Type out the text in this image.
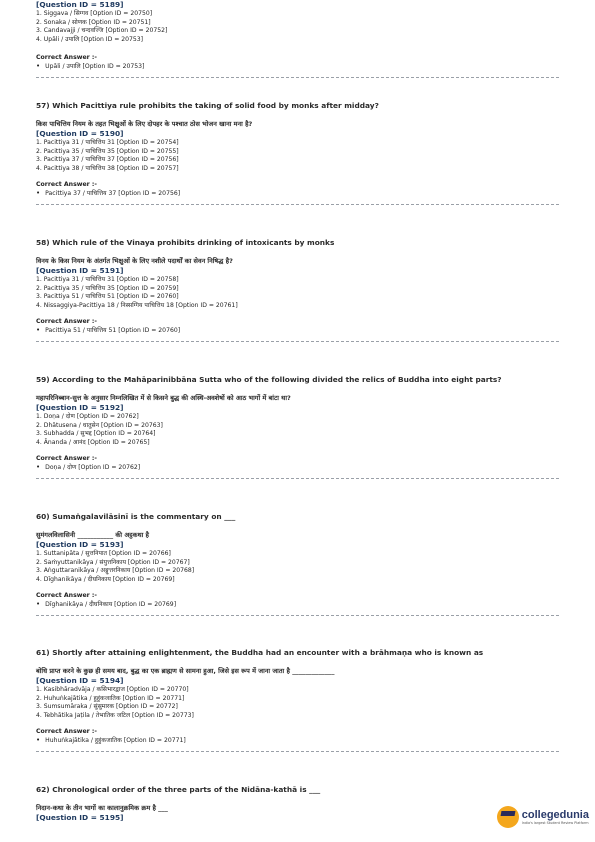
[Question ID = 5189]
1. Siggava / सिग्गव [Option ID = 20750]
2. Sonaka / सोणक [Option ID = 20751]
3. Candavajji / चन्दवज्जि [Option ID = 20752]
4. Upāli / उपालि [Option ID = 20753]
Correct Answer :-
• Upāli / उपालि [Option ID = 20753]
57) Which Pacittiya rule prohibits the taking of solid food by monks after midday?
किस पाचित्तिय नियम के तहत भिक्षुओं के लिए दोपहर के पश्चात ठोस भोजन खाना मना है?
[Question ID = 5190]
1. Pacittiya 31 / पाचित्तिय 31 [Option ID = 20754]
2. Pacittiya 35 / पाचित्तिय 35 [Option ID = 20755]
3. Pacittiya 37 / पाचित्तिय 37 [Option ID = 20756]
4. Pacittiya 38 / पाचित्तिय 38 [Option ID = 20757]
Correct Answer :-
• Pacittiya 37 / पाचित्तिय 37 [Option ID = 20756]
58) Which rule of the Vinaya prohibits drinking of intoxicants by monks
विनय के किस नियम के अंतर्गत भिक्षुओं के लिए नशीले पदार्थों का सेवन निषिद्ध है?
[Question ID = 5191]
1. Pacittiya 31 / पाचित्तिय 31 [Option ID = 20758]
2. Pacittiya 35 / पाचित्तिय 35 [Option ID = 20759]
3. Pacittiya 51 / पाचित्तिय 51 [Option ID = 20760]
4. Nissaggiya-Pacittiya 18 / निस्सग्गिय पाचित्तिय 18 [Option ID = 20761]
Correct Answer :-
• Pacittiya 51 / पाचित्तिय 51 [Option ID = 20760]
59) According to the Mahāparinibbāna Sutta who of the following divided the relics of Buddha into eight parts?
महापरिनिब्बान-सुत्त के अनुसार निम्नलिखित में से किसने बुद्ध की अस्थि-अवशेषों को आठ भागों में बांटा था?
[Question ID = 5192]
1. Doṇa / दोण [Option ID = 20762]
2. Dhātusena / धातुसेन [Option ID = 20763]
3. Subhadda / सुभद्द [Option ID = 20764]
4. Ānanda / आनंद [Option ID = 20765]
Correct Answer :-
• Doṇa / दोण [Option ID = 20762]
60) Sumaṅgalavilāsinī is the commentary on ___
सुमंगलविलासिनी ___________ की अट्ठकथा है
[Question ID = 5193]
1. Suttanipāta / सुत्तनिपात [Option ID = 20766]
2. Saṁyuttanikāya / संयुत्तनिकाय [Option ID = 20767]
3. Aṅguttaranikāya / अङ्गुत्तरनिकाय [Option ID = 20768]
4. Dīghanikāya / दीघनिकाय [Option ID = 20769]
Correct Answer :-
• Dīghanikāya / दीघनिकाय [Option ID = 20769]
61) Shortly after attaining enlightenment, the Buddha had an encounter with a brāhmaṇa who is known as
बोधि प्राप्त करने के कुछ ही समय बाद, बुद्ध का एक ब्राह्मण से सामना हुआ, जिसे इस रूप में जाना जाता है _____________
[Question ID = 5194]
1. Kasibhāradvāja / कसिभारद्वाज [Option ID = 20770]
2. Huhuṅkajātika / हुहुंकजातिक [Option ID = 20771]
3. Sumsumāraka / सुंसुमारक [Option ID = 20772]
4. Tebhātika Jaṭila / तेभातिक जटिल [Option ID = 20773]
Correct Answer :-
• Huhuṅkajātika / हुहुंकजातिक [Option ID = 20771]
62) Chronological order of the three parts of the Nidāna-kathā is ___
निदान-कथा के तीन भागों का कालानुक्रमिक क्रम है ___
[Question ID = 5195]	collegedunia
India's largest Student Review Platform
